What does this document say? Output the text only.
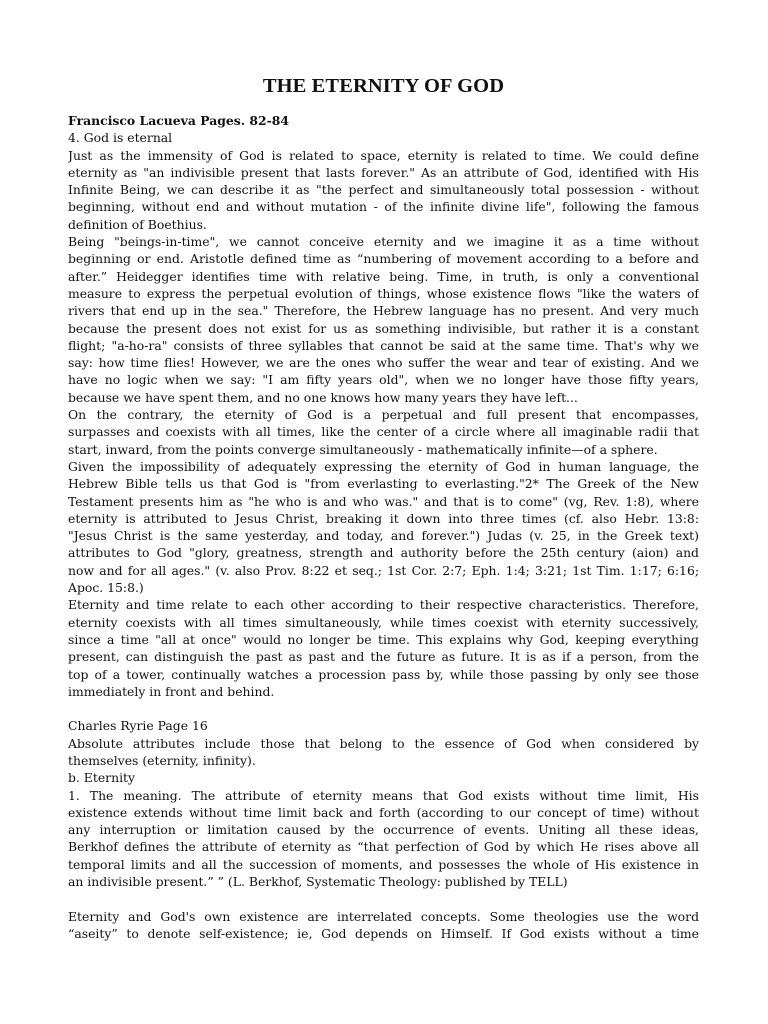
THE ETERNITY OF GOD
Francisco Lacueva Pages. 82-84
4. God is eternal
Just as the immensity of God is related to space, eternity is related to time. We could define
eternity as "an indivisible present that lasts forever." As an attribute of God, identified with His
Infinite Being, we can describe it as "the perfect and simultaneously total possession - without
beginning, without end and without mutation - of the infinite divine life", following the famous
definition of Boethius.
Being "beings-in-time", we cannot conceive eternity and we imagine it as a time without
beginning or end. Aristotle defined time as “numbering of movement according to a before and
after.” Heidegger identifies time with relative being. Time, in truth, is only a conventional
measure to express the perpetual evolution of things, whose existence flows "like the waters of
rivers that end up in the sea." Therefore, the Hebrew language has no present. And very much
because the present does not exist for us as something indivisible, but rather it is a constant
flight; "a-ho-ra" consists of three syllables that cannot be said at the same time. That's why we
say: how time flies! However, we are the ones who suffer the wear and tear of existing. And we
have no logic when we say: "I am fifty years old", when we no longer have those fifty years,
because we have spent them, and no one knows how many years they have left...
On the contrary, the eternity of God is a perpetual and full present that encompasses,
surpasses and coexists with all times, like the center of a circle where all imaginable radii that
start, inward, from the points converge simultaneously - mathematically infinite—of a sphere.
Given the impossibility of adequately expressing the eternity of God in human language, the
Hebrew Bible tells us that God is "from everlasting to everlasting."2* The Greek of the New
Testament presents him as "he who is and who was." and that is to come" (vg, Rev. 1:8), where
eternity is attributed to Jesus Christ, breaking it down into three times (cf. also Hebr. 13:8:
"Jesus Christ is the same yesterday, and today, and forever.") Judas (v. 25, in the Greek text)
attributes to God "glory, greatness, strength and authority before the 25th century (aion) and
now and for all ages." (v. also Prov. 8:22 et seq.; 1st Cor. 2:7; Eph. 1:4; 3:21; 1st Tim. 1:17; 6:16;
Apoc. 15:8.)
Eternity and time relate to each other according to their respective characteristics. Therefore,
eternity coexists with all times simultaneously, while times coexist with eternity successively,
since a time "all at once" would no longer be time. This explains why God, keeping everything
present, can distinguish the past as past and the future as future. It is as if a person, from the
top of a tower, continually watches a procession pass by, while those passing by only see those
immediately in front and behind.
Charles Ryrie Page 16
Absolute attributes include those that belong to the essence of God when considered by
themselves (eternity, infinity).
b. Eternity
1. The meaning. The attribute of eternity means that God exists without time limit, His
existence extends without time limit back and forth (according to our concept of time) without
any interruption or limitation caused by the occurrence of events. Uniting all these ideas,
Berkhof defines the attribute of eternity as “that perfection of God by which He rises above all
temporal limits and all the succession of moments, and possesses the whole of His existence in
an indivisible present.” ” (L. Berkhof, Systematic Theology: published by TELL)
Eternity and God's own existence are interrelated concepts. Some theologies use the word
“aseity” to denote self-existence; ie, God depends on Himself. If God exists without a time
